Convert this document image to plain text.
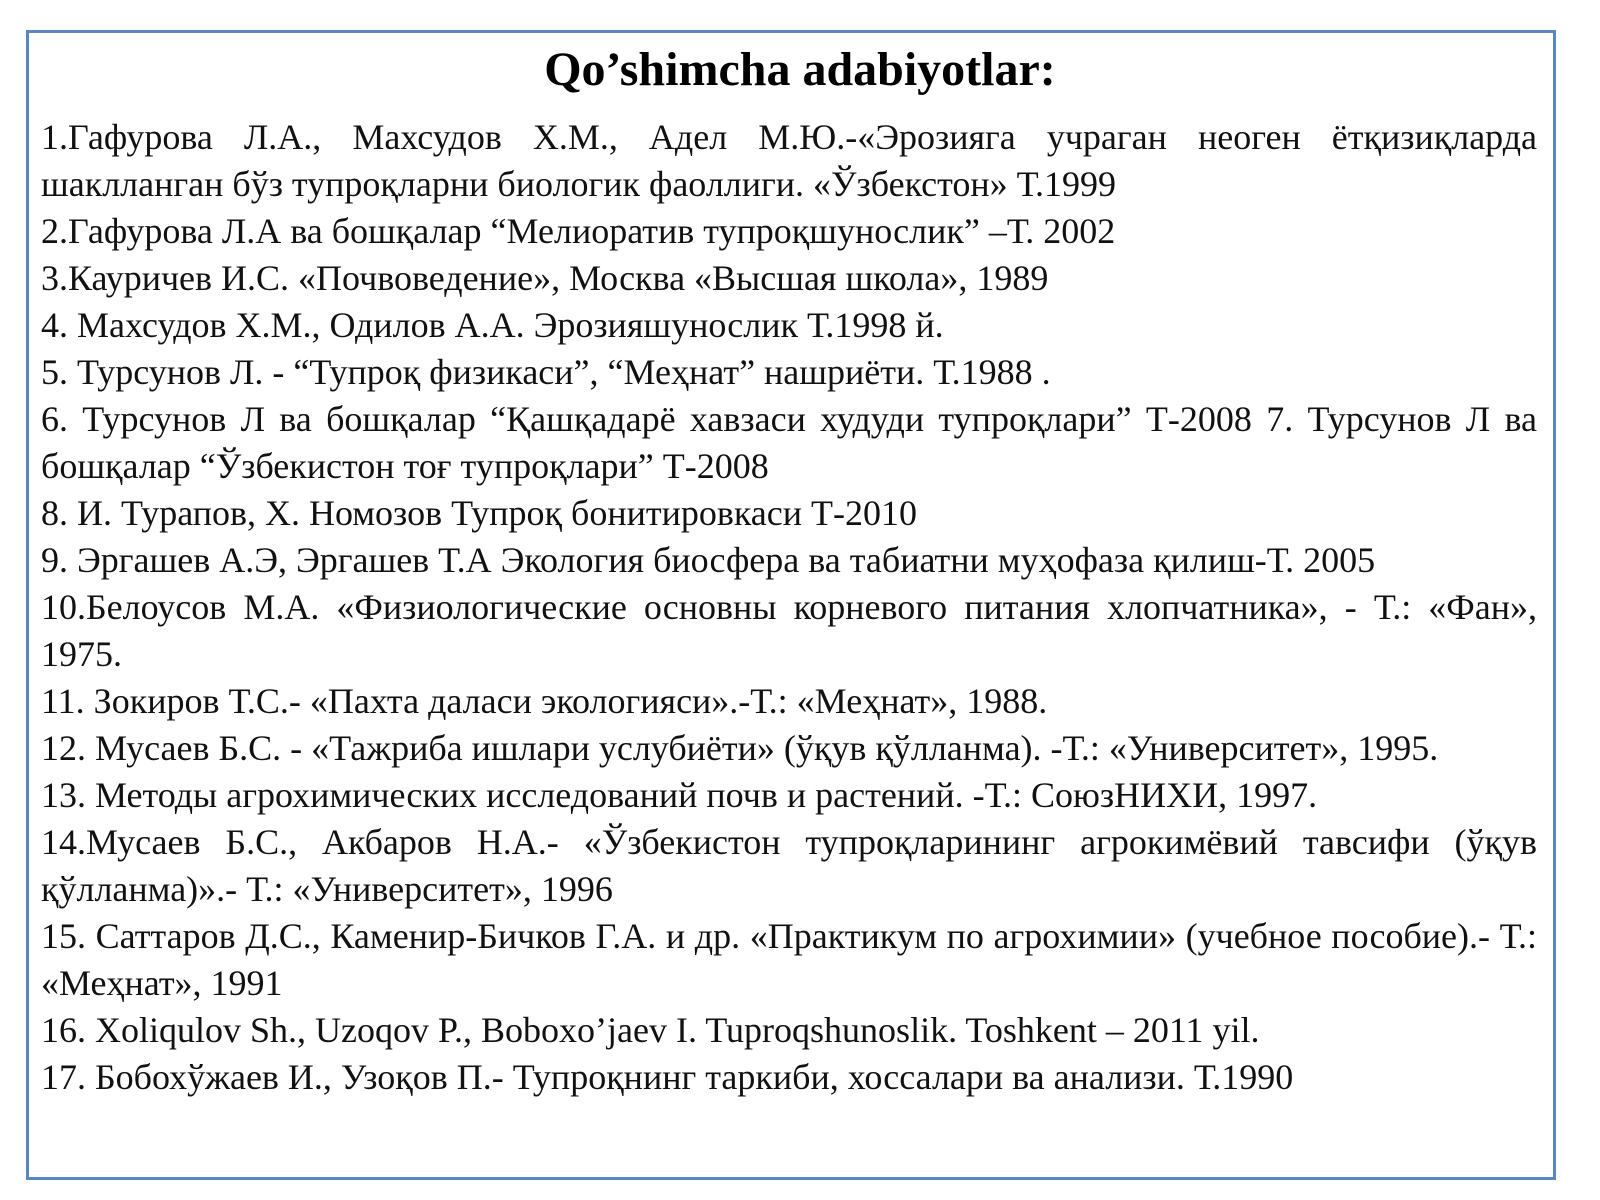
Qo’shimcha adabiyotlar:

1.Гафурова Л.А., Махсудов Х.М., Адел М.Ю.-«Эрозияга учраган неоген ётқизиқларда шаклланган бўз тупроқларни биологик фаоллиги. «Ўзбекстон» Т.1999

2.Гафурова Л.А ва бошқалар “Мелиоратив тупроқшунослик” –Т. 2002

3.Кауричев И.С. «Почвоведение», Москва «Высшая школа», 1989

4. Махсудов Х.М., Одилов А.А. Эрозияшунослик Т.1998 й.

5. Турсунов Л. - “Тупроқ физикаси”, “Меҳнат” нашриёти. Т.1988 .

6. Турсунов Л ва бошқалар “Қашқадарё хавзаси худуди тупроқлари” Т-2008 7. Турсунов Л ва бошқалар “Ўзбекистон тоғ тупроқлари” Т-2008

8. И. Турапов, Х. Номозов Тупроқ бонитировкаси Т-2010

9. Эргашев А.Э, Эргашев Т.А Экология биосфера ва табиатни муҳофаза қилиш-Т. 2005

10.Белоусов М.А. «Физиологические основны корневого питания хлопчатника», - Т.: «Фан», 1975.

11. Зокиров Т.С.- «Пахта даласи экологияси».-Т.: «Меҳнат», 1988.

12. Мусаев Б.С. - «Тажриба ишлари услубиёти» (ўқув қўлланма). -Т.: «Университет», 1995.

13. Методы агрохимических исследований почв и растений. -Т.: СоюзНИХИ, 1997.

14.Мусаев Б.С., Акбаров Н.А.- «Ўзбекистон тупроқларининг агрокимёвий тавсифи (ўқув қўлланма)».- Т.: «Университет», 1996

15. Саттаров Д.С., Каменир-Бичков Г.А. и др. «Практикум по агрохимии» (учебное пособие).- Т.: «Меҳнат», 1991

16. Xoliqulov Sh., Uzoqov P., Boboxo’jaev I. Tuproqshunoslik. Toshkent – 2011 yil.

17. Бобохўжаев И., Узоқов П.- Тупроқнинг таркиби, хоссалари ва анализи. Т.1990
